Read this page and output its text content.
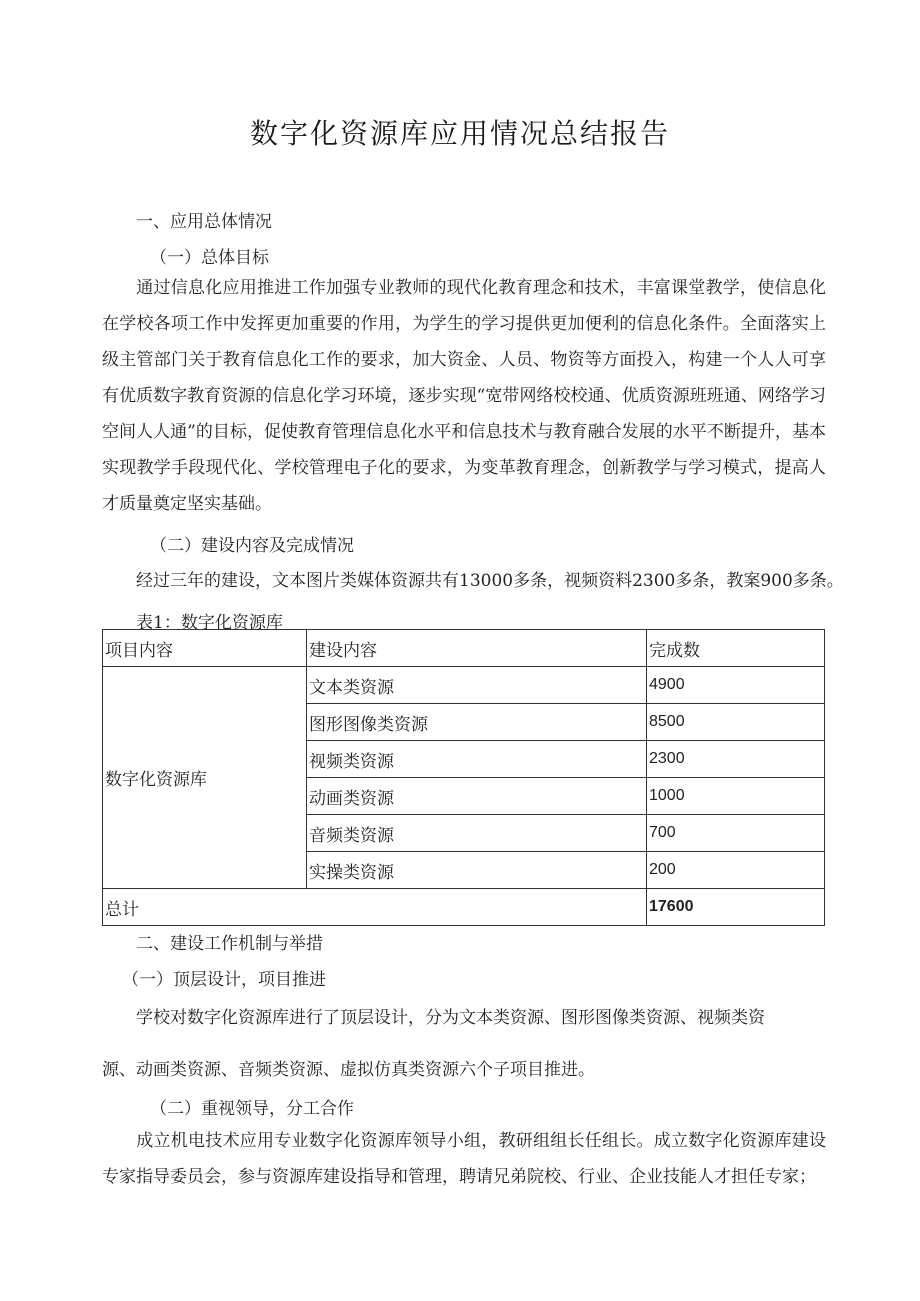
数字化资源库应用情况总结报告
一、应用总体情况
（一）总体目标
通过信息化应用推进工作加强专业教师的现代化教育理念和技术，丰富课堂教学，使信息化在学校各项工作中发挥更加重要的作用，为学生的学习提供更加便利的信息化条件。全面落实上级主管部门关于教育信息化工作的要求，加大资金、人员、物资等方面投入，构建一个人人可享有优质数字教育资源的信息化学习环境，逐步实现“宽带网络校校通、优质资源班班通、网络学习空间人人通”的目标，促使教育管理信息化水平和信息技术与教育融合发展的水平不断提升，基本实现教学手段现代化、学校管理电子化的要求，为变革教育理念，创新教学与学习模式，提高人才质量奠定坚实基础。
（二）建设内容及完成情况
经过三年的建设，文本图片类媒体资源共有13000多条，视频资料2300多条，教案900多条。
表1：数字化资源库
项目内容	建设内容	完成数
数字化资源库	文本类资源	4900
	图形图像类资源	8500
	视频类资源	2300
	动画类资源	1000
	音频类资源	700
	实操类资源	200
总计		17600
二、建设工作机制与举措
（一）顶层设计，项目推进
学校对数字化资源库进行了顶层设计，分为文本类资源、图形图像类资源、视频类资
源、动画类资源、音频类资源、虚拟仿真类资源六个子项目推进。
（二）重视领导，分工合作
成立机电技术应用专业数字化资源库领导小组，教研组组长任组长。成立数字化资源库建设专家指导委员会，参与资源库建设指导和管理，聘请兄弟院校、行业、企业技能人才担任专家；
